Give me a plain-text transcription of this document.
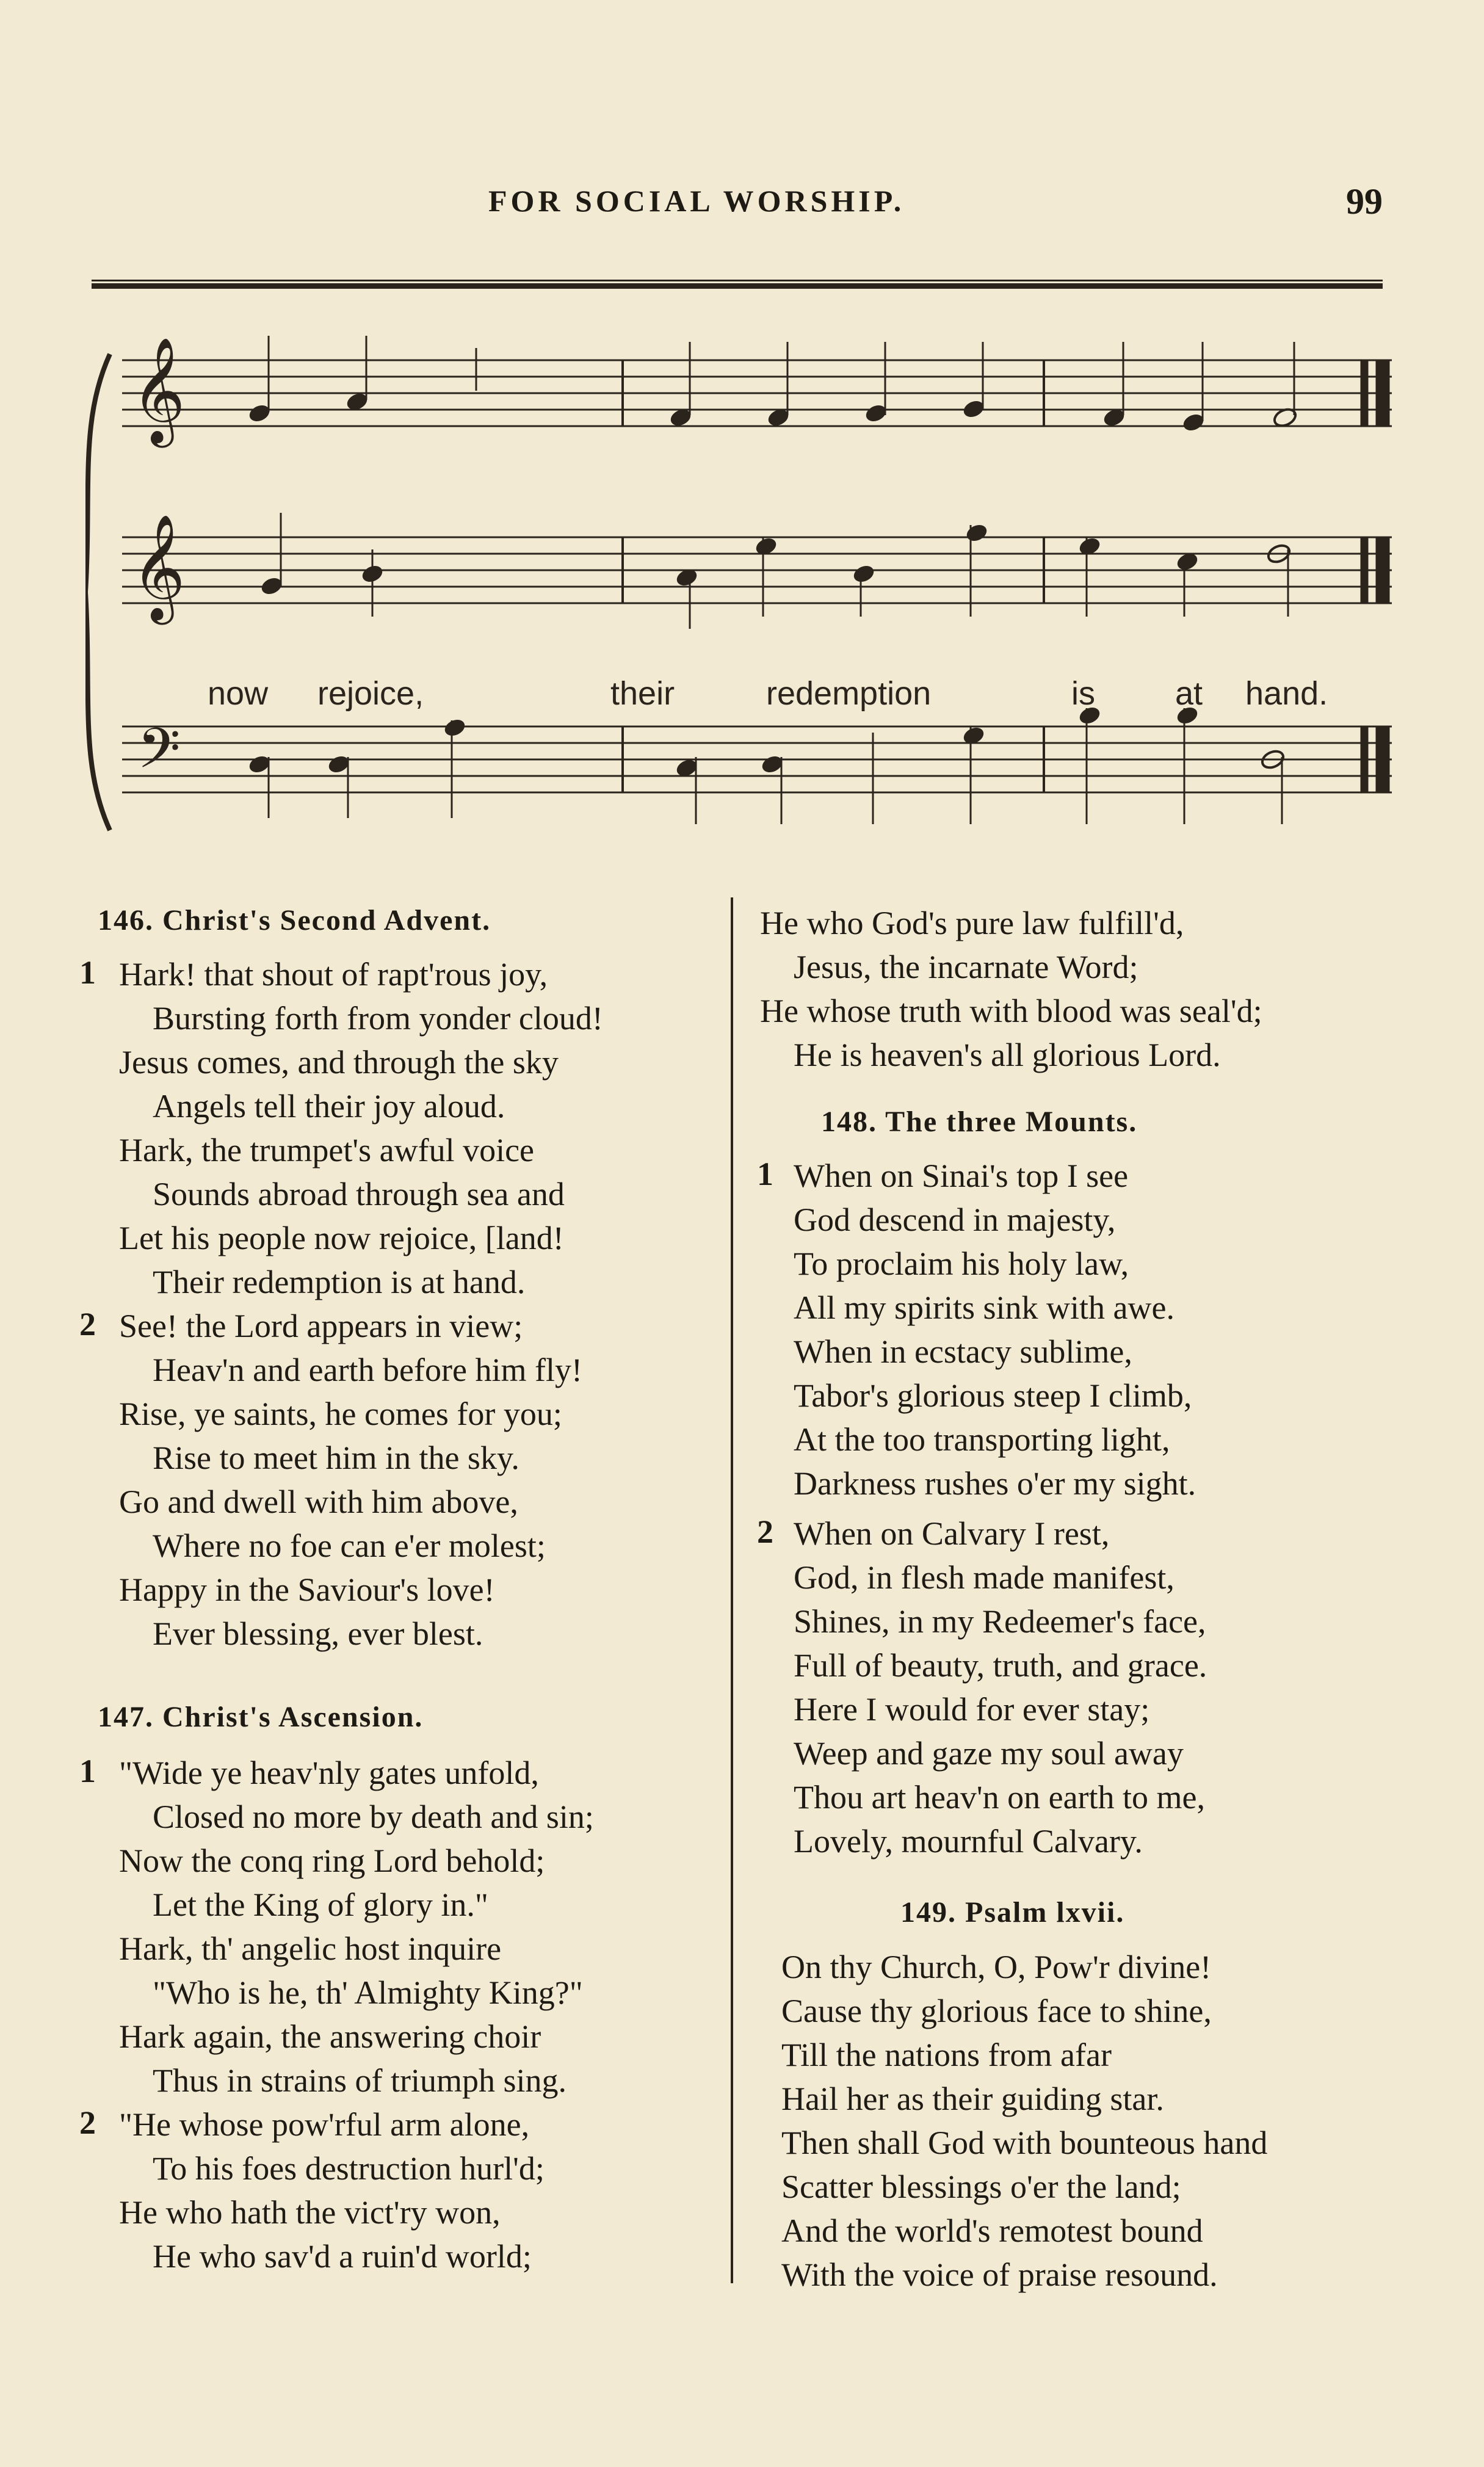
FOR SOCIAL WORSHIP.	99
𝄞
𝄞
𝄢
now rejoice,	their	redemption	is at hand.
146. Christ's Second Advent.
1 Hark! that shout of rapt'rous joy,
Bursting forth from yonder cloud!
Jesus comes, and through the sky
Angels tell their joy aloud.
Hark, the trumpet's awful voice
Sounds abroad through sea and
Let his people now rejoice, [land!
Their redemption is at hand.
2 See! the Lord appears in view;
Heav'n and earth before him fly!
Rise, ye saints, he comes for you;
Rise to meet him in the sky.
Go and dwell with him above,
Where no foe can e'er molest;
Happy in the Saviour's love!
Ever blessing, ever blest.
147. Christ's Ascension.
1 "Wide ye heav'nly gates unfold,
Closed no more by death and sin;
Now the conq ring Lord behold;
Let the King of glory in."
Hark, th' angelic host inquire
"Who is he, th' Almighty King?"
Hark again, the answering choir
Thus in strains of triumph sing.
2 "He whose pow'rful arm alone,
To his foes destruction hurl'd;
He who hath the vict'ry won,
He who sav'd a ruin'd world;
He who God's pure law fulfill'd,
Jesus, the incarnate Word;
He whose truth with blood was seal'd;
He is heaven's all glorious Lord.
148. The three Mounts.
1 When on Sinai's top I see
God descend in majesty,
To proclaim his holy law,
All my spirits sink with awe.
When in ecstacy sublime,
Tabor's glorious steep I climb,
At the too transporting light,
Darkness rushes o'er my sight.
2 When on Calvary I rest,
God, in flesh made manifest,
Shines, in my Redeemer's face,
Full of beauty, truth, and grace.
Here I would for ever stay;
Weep and gaze my soul away
Thou art heav'n on earth to me,
Lovely, mournful Calvary.
149. Psalm lxvii.
On thy Church, O, Pow'r divine!
Cause thy glorious face to shine,
Till the nations from afar
Hail her as their guiding star.
Then shall God with bounteous hand
Scatter blessings o'er the land;
And the world's remotest bound
With the voice of praise resound.
